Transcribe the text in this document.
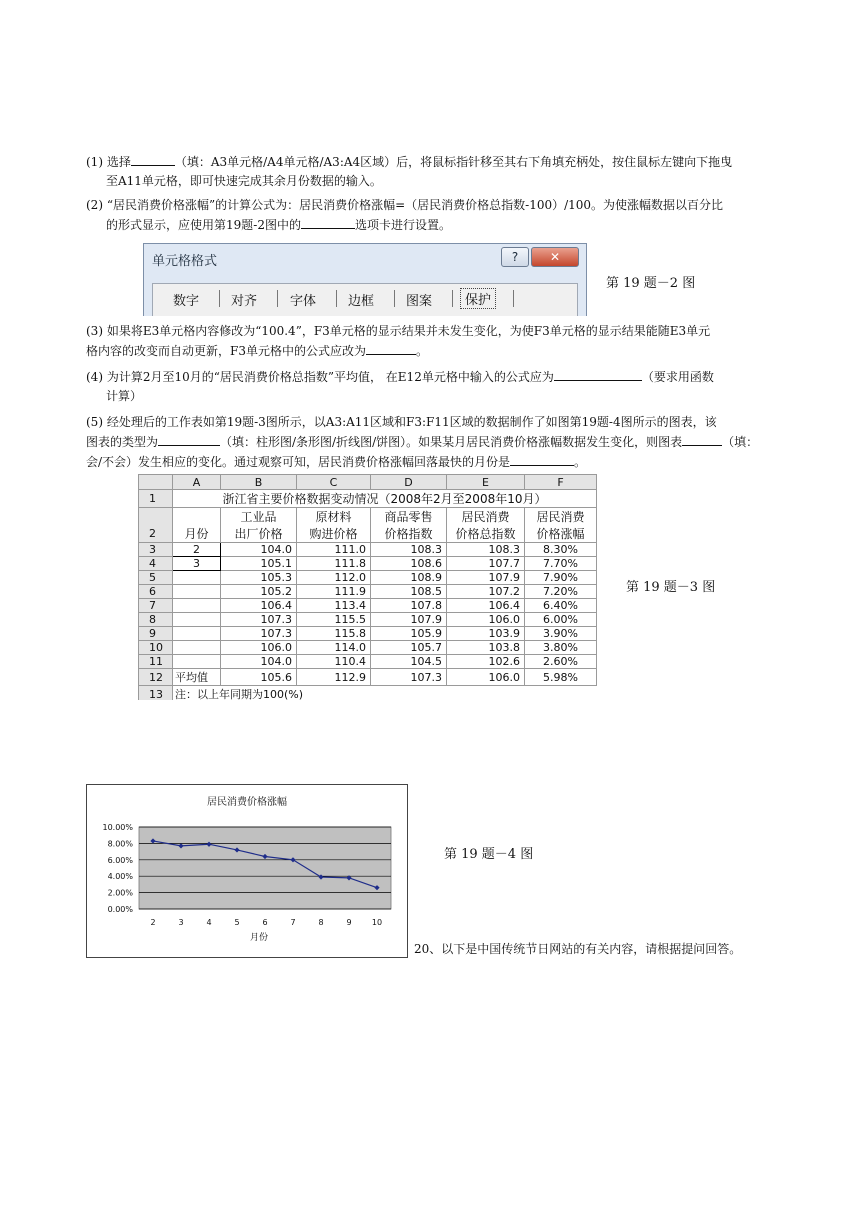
(1) 选择	（填：A3单元格/A4单元格/A3:A4区域）后，将鼠标指针移至其右下角填充柄处，按住鼠标左键向下拖曳
至A11单元格，即可快速完成其余月份数据的输入。
(2) “居民消费价格涨幅”的计算公式为：居民消费价格涨幅=（居民消费价格总指数-100）/100。为使涨幅数据以百分比
的形式显示，应使用第19题-2图中的	选项卡进行设置。
单元格格式	?	✕
数字 对齐	字体 边框 图案	保护
第 19 题－2 图
(3) 如果将E3单元格内容修改为“100.4”，F3单元格的显示结果并未发生变化，为使F3单元格的显示结果能随E3单元
格内容的改变而自动更新，F3单元格中的公式应改为	。
(4) 为计算2月至10月的“居民消费价格总指数”平均值， 在E12单元格中输入的公式应为	（要求用函数
计算）
(5) 经处理后的工作表如第19题-3图所示，以A3:A11区域和F3:F11区域的数据制作了如图第19题-4图所示的图表，该
图表的类型为	（填：柱形图/条形图/折线图/饼图）。如果某月居民消费价格涨幅数据发生变化，则图表	（填：
会/不会）发生相应的变化。通过观察可知，居民消费价格涨幅回落最快的月份是	。
	A	B	C	D	E	F
1	浙江省主要价格数据变动情况（2008年2月至2008年10月）					
		工业品	原材料	商品零售	居民消费	居民消费
2	月份	出厂价格	购进价格	价格指数	价格总指数	价格涨幅
3	2	104.0	111.0	108.3	108.3	8.30%
4	3	105.1	111.8	108.6	107.7	7.70%
5		105.3	112.0	108.9	107.9	7.90%
6		105.2	111.9	108.5	107.2	7.20%
7		106.4	113.4	107.8	106.4	6.40%
8		107.3	115.5	107.9	106.0	6.00%
9		107.3	115.8	105.9	103.9	3.90%
10		106.0	114.0	105.7	103.8	3.80%
11		104.0	110.4	104.5	102.6	2.60%
12	平均值	105.6	112.9	107.3	106.0	5.98%
13	注：以上年同期为100(%)					

第 19 题－3 图
居民消费价格涨幅
0.00%
2.00%
4.00%
6.00%
8.00%
10.00%
2	3	4	5	6	7	8	9	10
月份
第 19 题－4 图
20、以下是中国传统节日网站的有关内容，请根据提问回答。
